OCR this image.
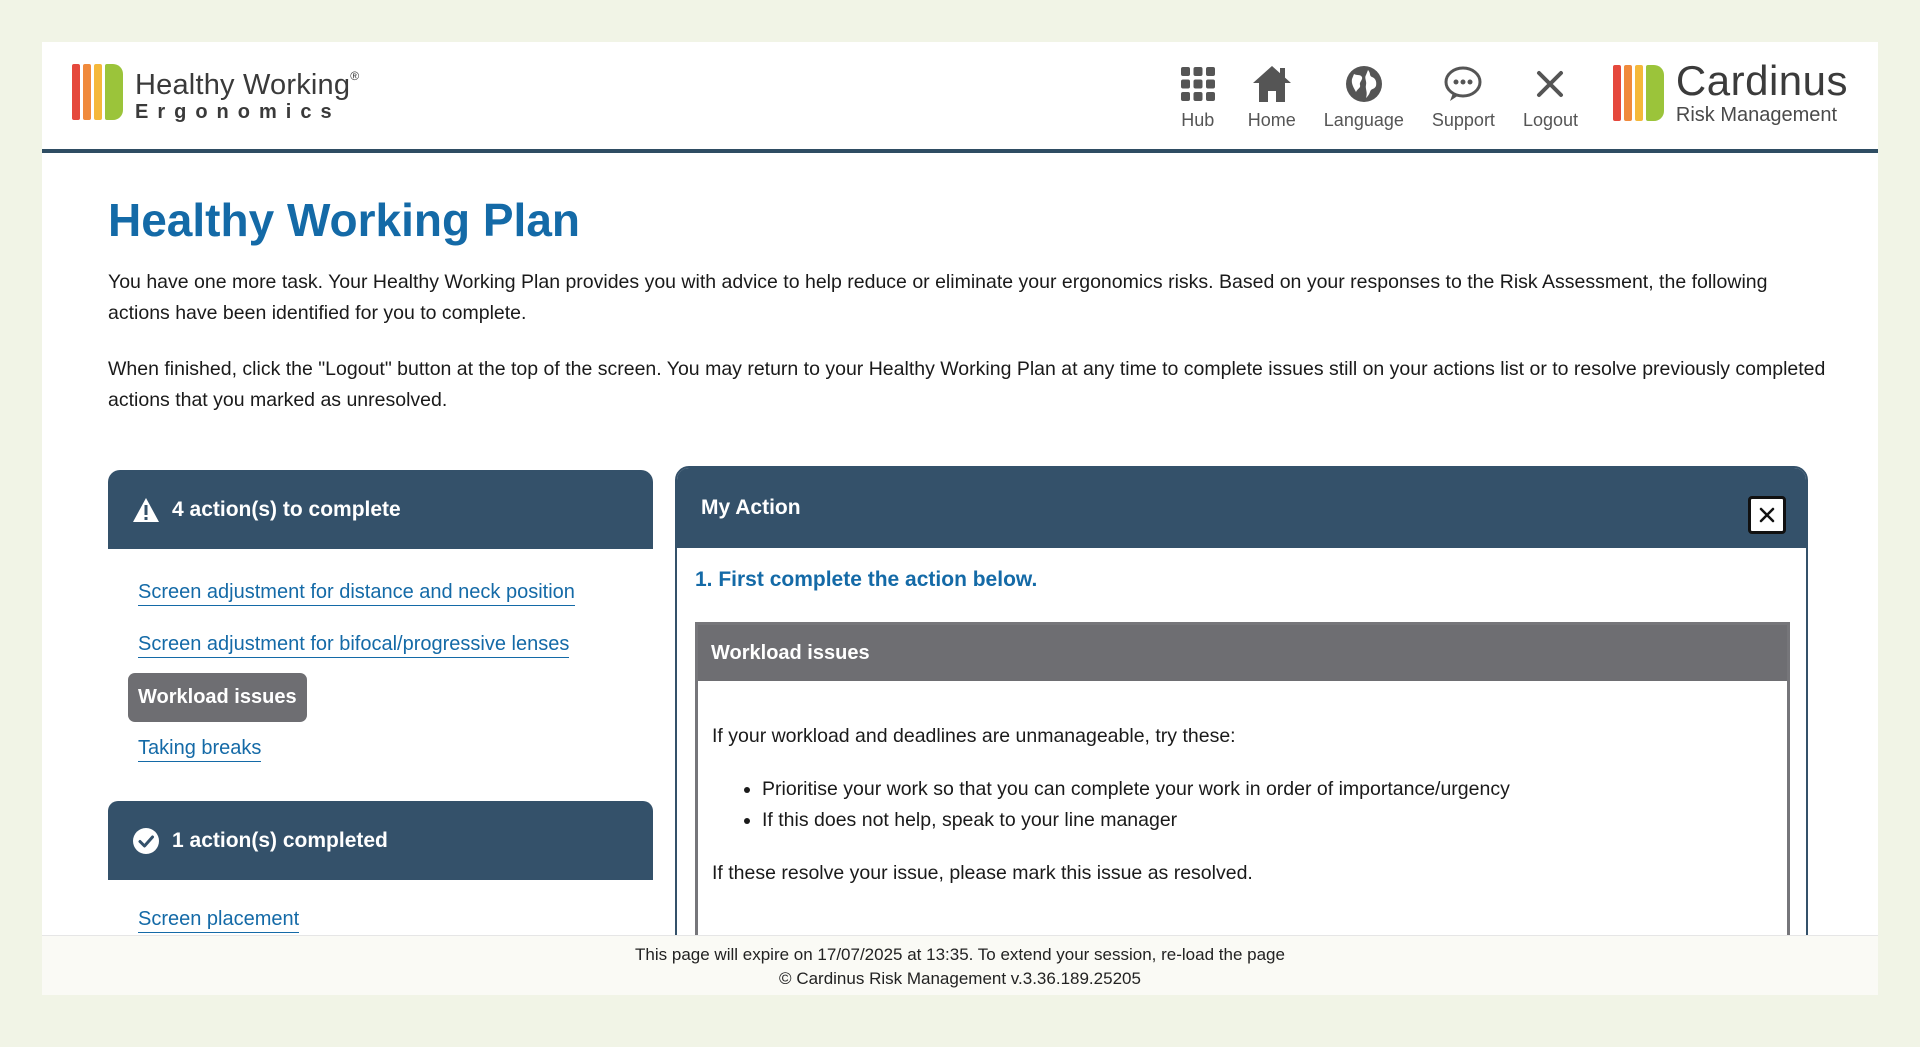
Healthy Working®
Ergonomics	Hub Home Language Support Logout
Cardinus
Risk Management
Healthy Working Plan

You have one more task. Your Healthy Working Plan provides you with advice to help reduce or eliminate your ergonomics risks. Based on your responses to the Risk Assessment, the following actions have been identified for you to complete.

When finished, click the "Logout" button at the top of the screen. You may return to your Healthy Working Plan at any time to complete issues still on your actions list or to resolve previously completed actions that you marked as unresolved.

4 action(s) to complete
Screen adjustment for distance and neck position
Screen adjustment for bifocal/progressive lenses
Workload issues
Taking breaks
1 action(s) completed
Screen placement
My Action
1. First complete the action below.
Workload issues

If your workload and deadlines are unmanageable, try these:

• Prioritise your work so that you can complete your work in order of importance/urgency
• If this does not help, speak to your line manager

If these resolve your issue, please mark this issue as resolved.

This page will expire on 17/07/2025 at 13:35. To extend your session, re-load the page
© Cardinus Risk Management v.3.36.189.25205
